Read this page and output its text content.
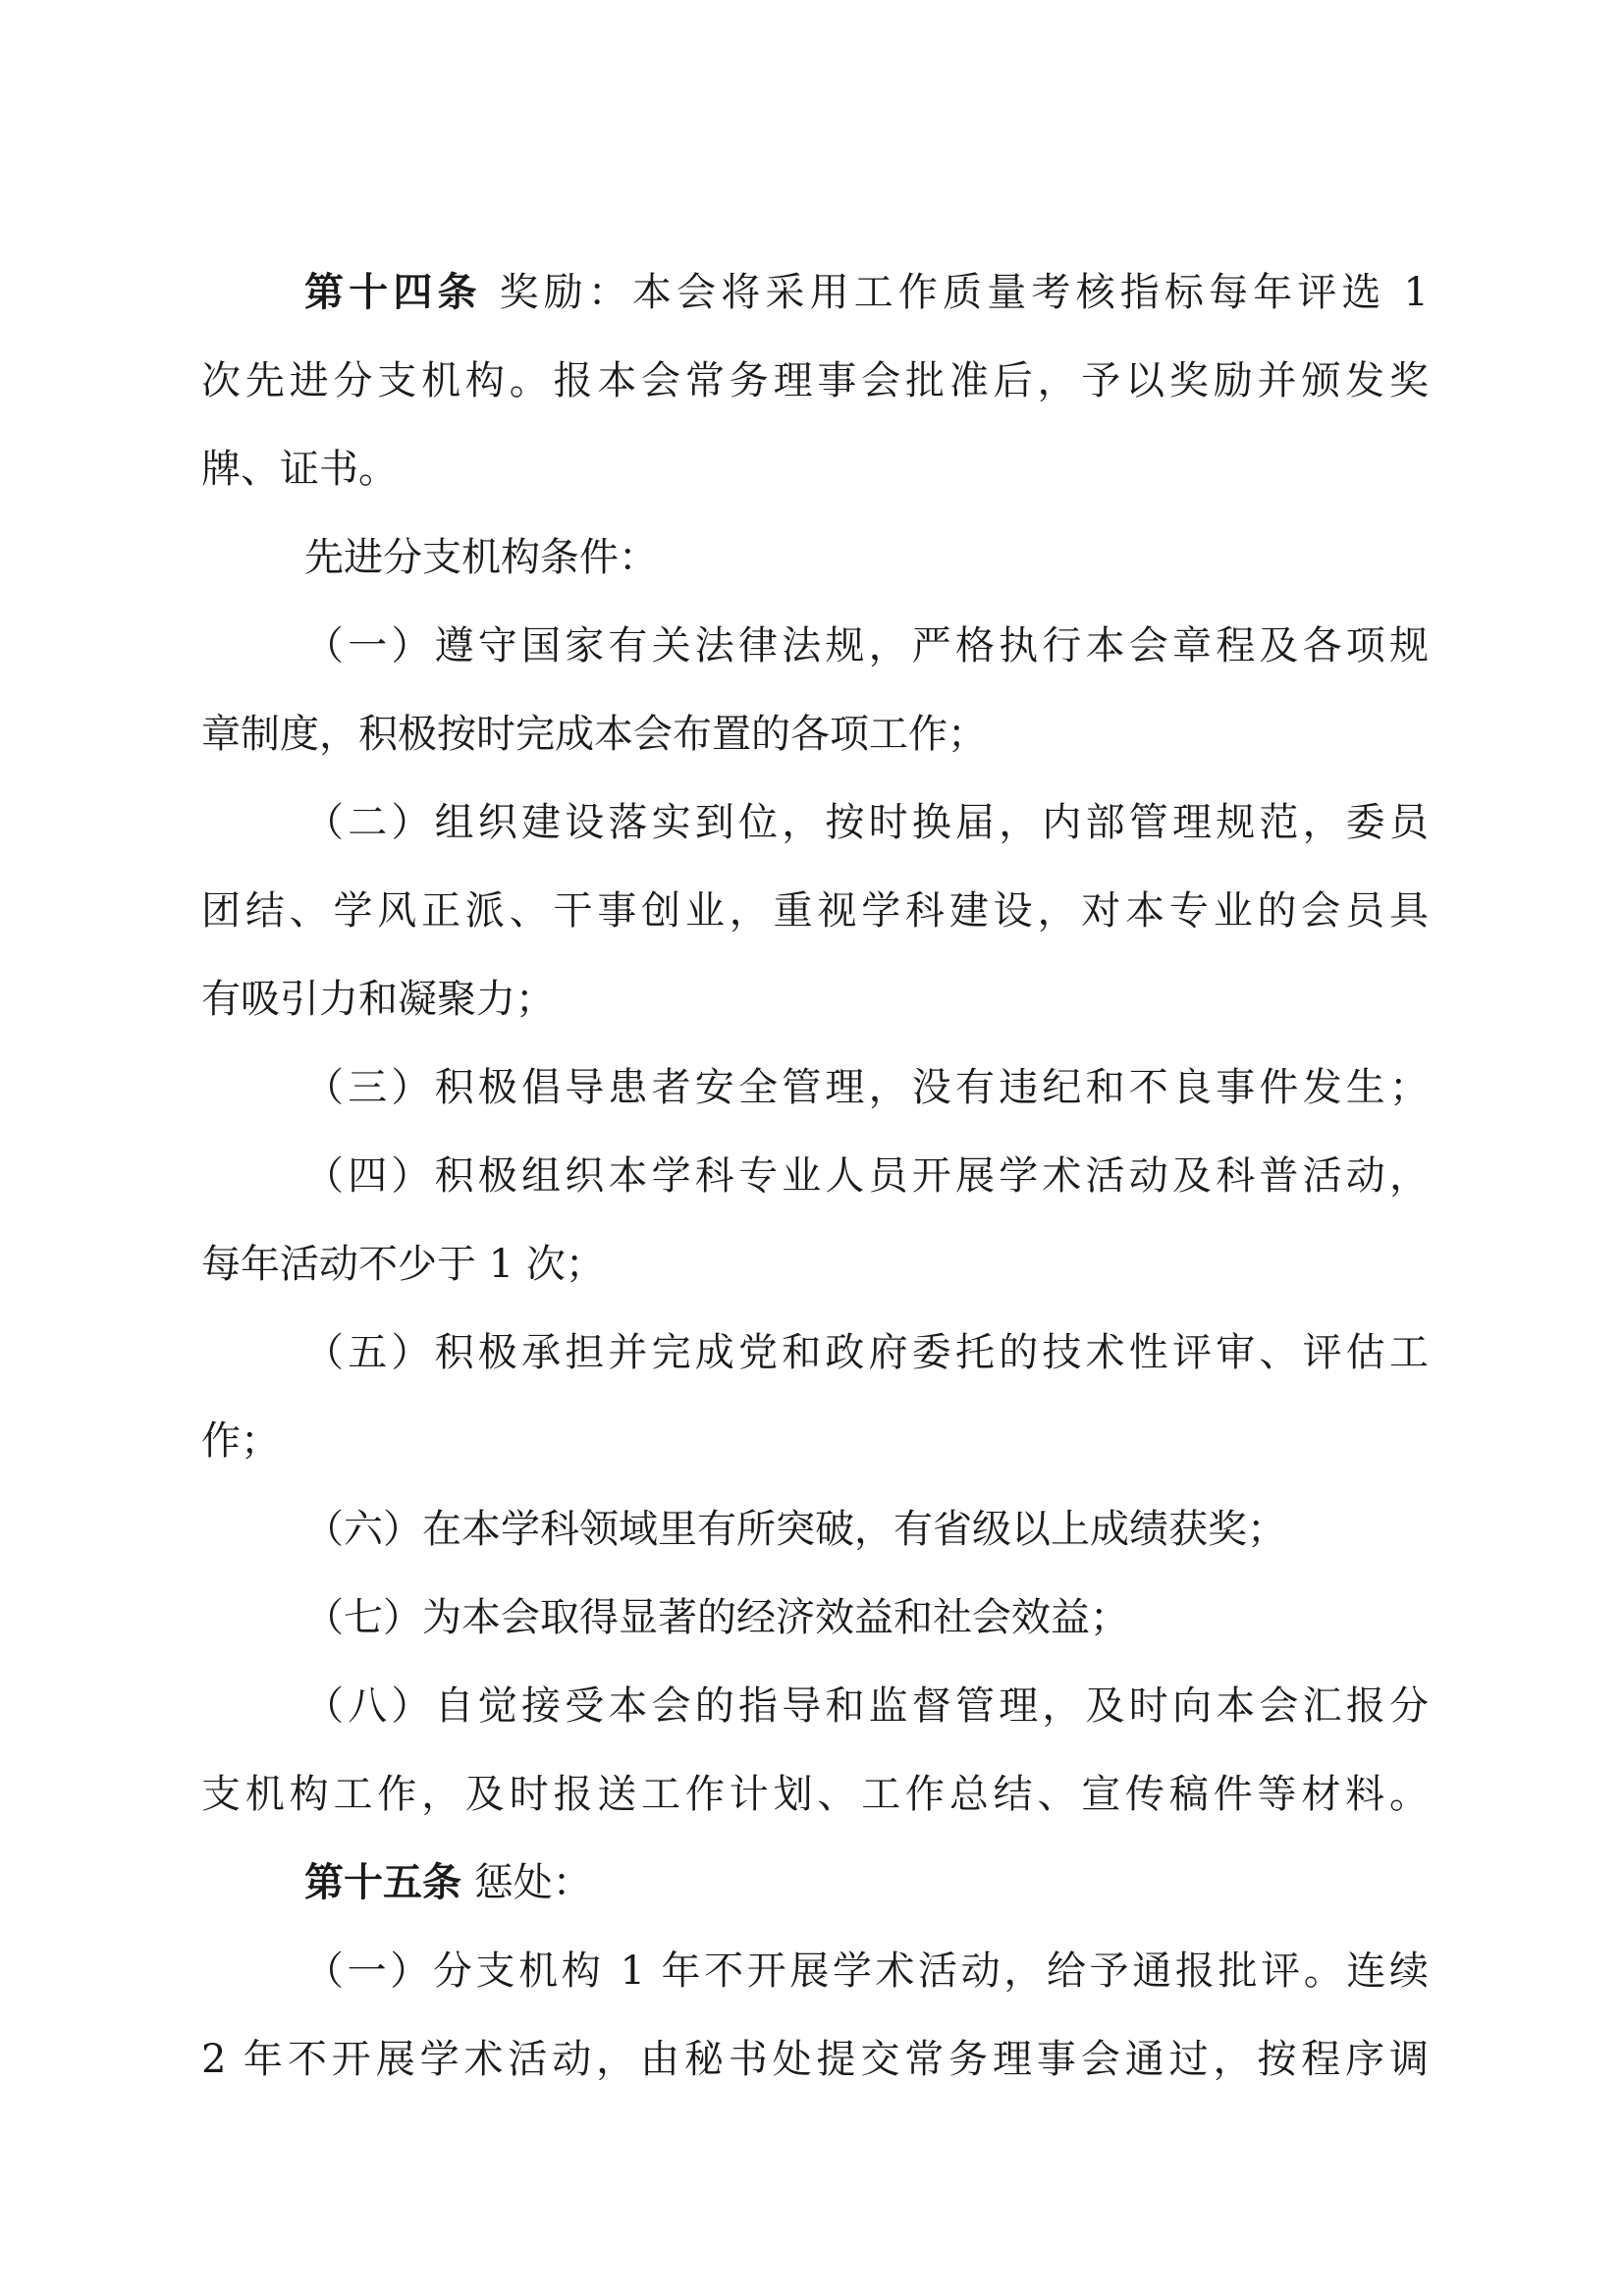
第十四条 奖励：本会将采用工作质量考核指标每年评选 1
次先进分支机构。报本会常务理事会批准后，予以奖励并颁发奖
牌、证书。
先进分支机构条件：
（一）遵守国家有关法律法规，严格执行本会章程及各项规
章制度，积极按时完成本会布置的各项工作；
（二）组织建设落实到位，按时换届，内部管理规范，委员
团结、学风正派、干事创业，重视学科建设，对本专业的会员具
有吸引力和凝聚力；
（三）积极倡导患者安全管理，没有违纪和不良事件发生；
（四）积极组织本学科专业人员开展学术活动及科普活动，
每年活动不少于 1 次；
（五）积极承担并完成党和政府委托的技术性评审、评估工
作；
（六）在本学科领域里有所突破，有省级以上成绩获奖；
（七）为本会取得显著的经济效益和社会效益；
（八）自觉接受本会的指导和监督管理，及时向本会汇报分
支机构工作，及时报送工作计划、工作总结、宣传稿件等材料。
第十五条 惩处：
（一）分支机构 1 年不开展学术活动，给予通报批评。连续
2 年不开展学术活动，由秘书处提交常务理事会通过，按程序调
